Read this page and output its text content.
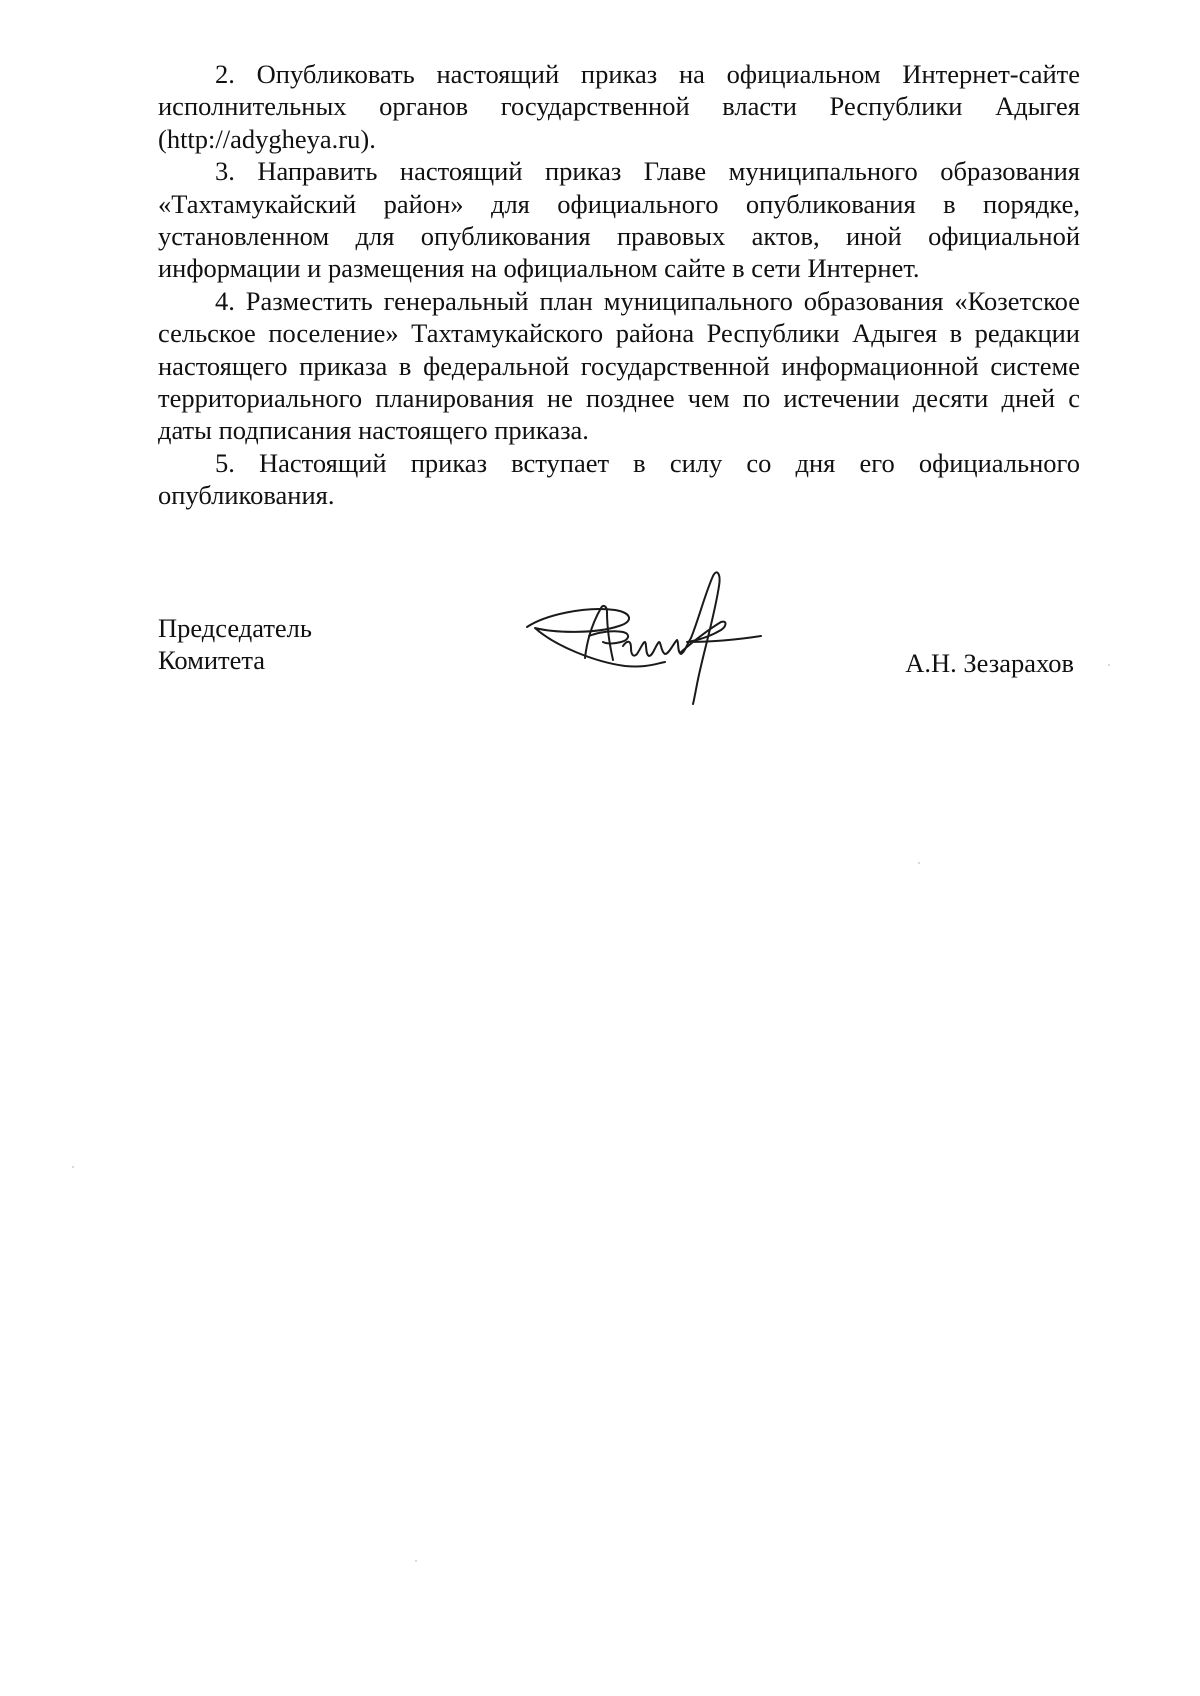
2. Опубликовать настоящий приказ на официальном Интернет-сайте исполнительных органов государственной власти Республики Адыгея (http://adygheya.ru).

3. Направить настоящий приказ Главе муниципального образования «Тахтамукайский район» для официального опубликования в порядке, установленном для опубликования правовых актов, иной официальной информации и размещения на официальном сайте в сети Интернет.

4. Разместить генеральный план муниципального образования «Козетское сельское поселение» Тахтамукайского района Республики Адыгея в редакции настоящего приказа в федеральной государственной информационной системе территориального планирования не позднее чем по истечении десяти дней с даты подписания настоящего приказа.

5. Настоящий приказ вступает в силу со дня его официального опубликования.

Председатель
Комитета	А.Н. Зезарахов
